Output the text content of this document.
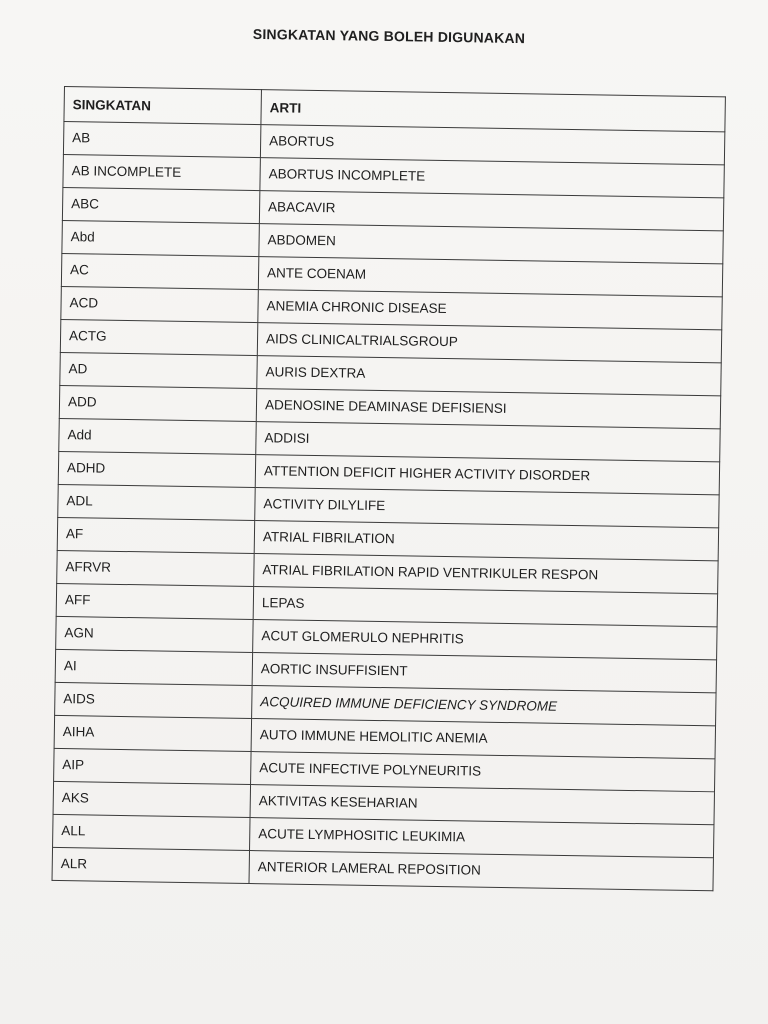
SINGKATAN YANG BOLEH DIGUNAKAN
SINGKATAN	ARTI
AB	ABORTUS
AB INCOMPLETE	ABORTUS INCOMPLETE
ABC	ABACAVIR
Abd	ABDOMEN
AC	ANTE COENAM
ACD	ANEMIA CHRONIC DISEASE
ACTG	AIDS CLINICALTRIALSGROUP
AD	AURIS DEXTRA
ADD	ADENOSINE DEAMINASE DEFISIENSI
Add	ADDISI
ADHD	ATTENTION DEFICIT HIGHER ACTIVITY DISORDER
ADL	ACTIVITY DILYLIFE
AF	ATRIAL FIBRILATION
AFRVR	ATRIAL FIBRILATION RAPID VENTRIKULER RESPON
AFF	LEPAS
AGN	ACUT GLOMERULO NEPHRITIS
AI	AORTIC INSUFFISIENT
AIDS	ACQUIRED IMMUNE DEFICIENCY SYNDROME
AIHA	AUTO IMMUNE HEMOLITIC ANEMIA
AIP	ACUTE INFECTIVE POLYNEURITIS
AKS	AKTIVITAS KESEHARIAN
ALL	ACUTE LYMPHOSITIC LEUKIMIA
ALR	ANTERIOR LAMERAL REPOSITION
